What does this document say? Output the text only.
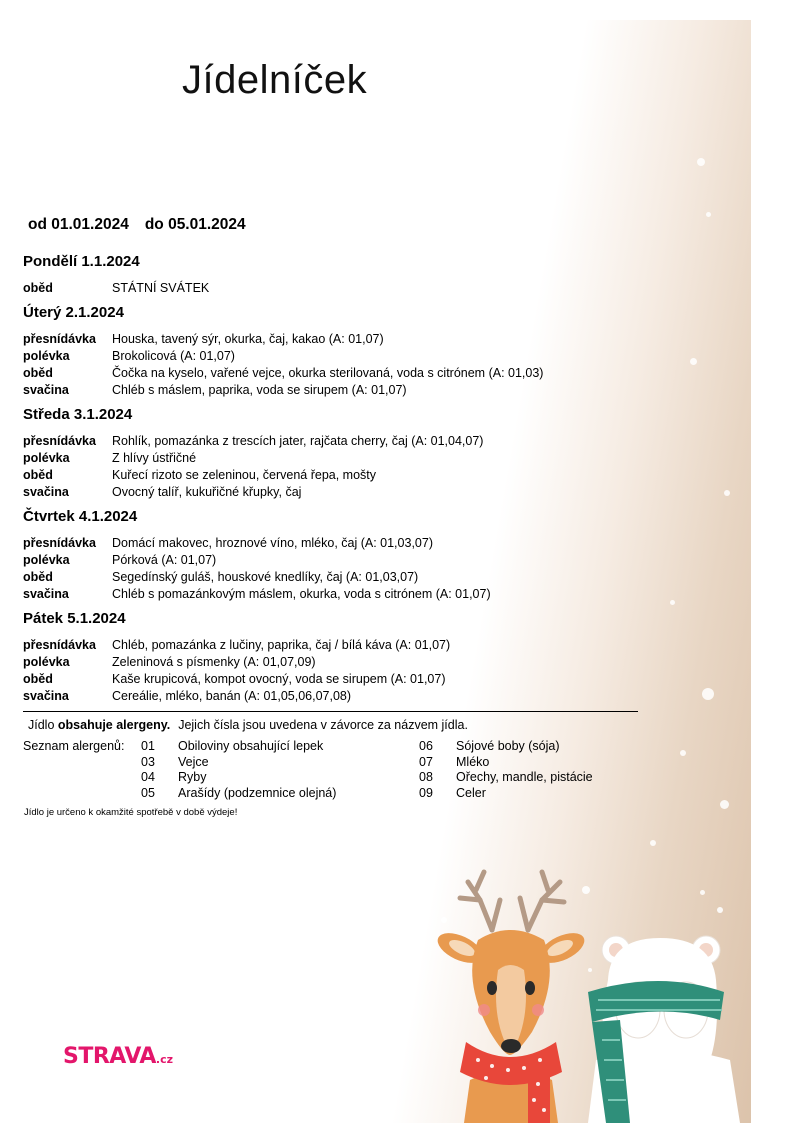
Jídelníček
od 01.01.2024 do 05.01.2024
Pondělí 1.1.2024
oběd	STÁTNÍ SVÁTEK
Úterý 2.1.2024
přesnídávka	Houska, tavený sýr, okurka, čaj, kakao (A: 01,07)
polévka	Brokolicová (A: 01,07)
oběd	Čočka na kyselo, vařené vejce, okurka sterilovaná, voda s citrónem (A: 01,03)
svačina	Chléb s máslem, paprika, voda se sirupem (A: 01,07)
Středa 3.1.2024
přesnídávka	Rohlík, pomazánka z trescích jater, rajčata cherry, čaj (A: 01,04,07)
polévka	Z hlívy ústřičné
oběd	Kuřecí rizoto se zeleninou, červená řepa, mošty
svačina	Ovocný talíř, kukuřičné křupky, čaj
Čtvrtek 4.1.2024
přesnídávka	Domácí makovec, hroznové víno, mléko, čaj (A: 01,03,07)
polévka	Pórková (A: 01,07)
oběd	Segedínský guláš, houskové knedlíky, čaj (A: 01,03,07)
svačina	Chléb s pomazánkovým máslem, okurka, voda s citrónem (A: 01,07)
Pátek 5.1.2024
přesnídávka	Chléb, pomazánka z lučiny, paprika, čaj / bílá káva (A: 01,07)
polévka	Zeleninová s písmenky (A: 01,07,09)
oběd	Kaše krupicová, kompot ovocný, voda se sirupem (A: 01,07)
svačina	Cereálie, mléko, banán (A: 01,05,06,07,08)
Jídlo obsahuje alergeny. Jejich čísla jsou uvedena v závorce za názvem jídla.
Seznam alergenů: 01	Obiloviny obsahující lepek
03	Vejce
04	Ryby
05	Arašídy (podzemnice olejná)
06	Sójové boby (sója)
07	Mléko
08	Ořechy, mandle, pistácie
09	Celer
Jídlo je určeno k okamžité spotřebě v době výdeje!
STRAVA.cz
